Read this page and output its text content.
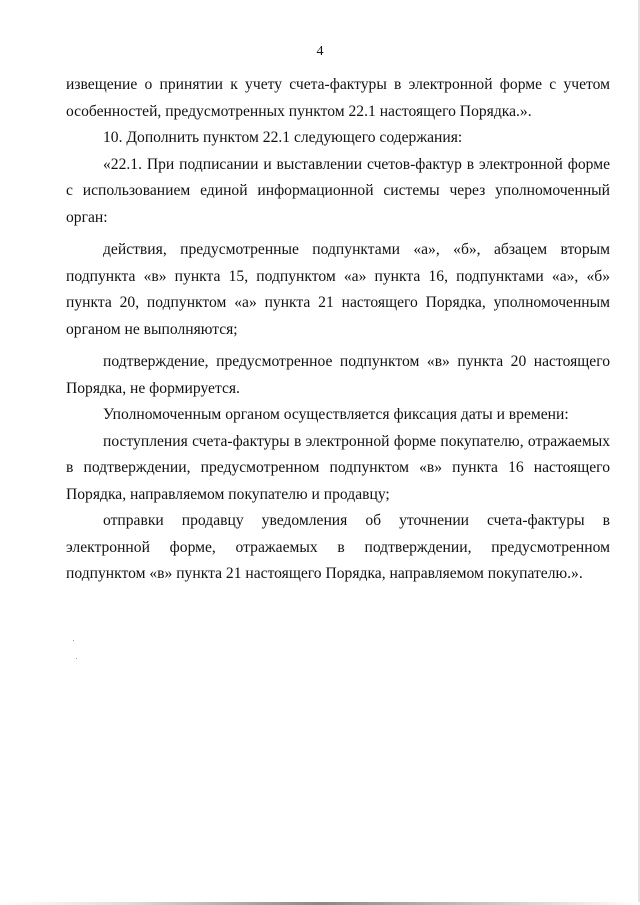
4

извещение о принятии к учету счета-фактуры в электронной форме с учетом особенностей, предусмотренных пунктом 22.1 настоящего Порядка.».

10. Дополнить пунктом 22.1 следующего содержания:

«22.1. При подписании и выставлении счетов-фактур в электронной форме с использованием единой информационной системы через уполномоченный орган:

действия, предусмотренные подпунктами «а», «б», абзацем вторым подпункта «в» пункта 15, подпунктом «а» пункта 16, подпунктами «а», «б» пункта 20, подпунктом «а» пункта 21 настоящего Порядка, уполномоченным органом не выполняются;

подтверждение, предусмотренное подпунктом «в» пункта 20 настоящего Порядка, не формируется.

Уполномоченным органом осуществляется фиксация даты и времени:

поступления счета-фактуры в электронной форме покупателю, отражаемых в подтверждении, предусмотренном подпунктом «в» пункта 16 настоящего Порядка, направляемом покупателю и продавцу;

отправки продавцу уведомления об уточнении счета-фактуры в электронной форме, отражаемых в подтверждении, предусмотренном подпунктом «в» пункта 21 настоящего Порядка, направляемом покупателю.».
